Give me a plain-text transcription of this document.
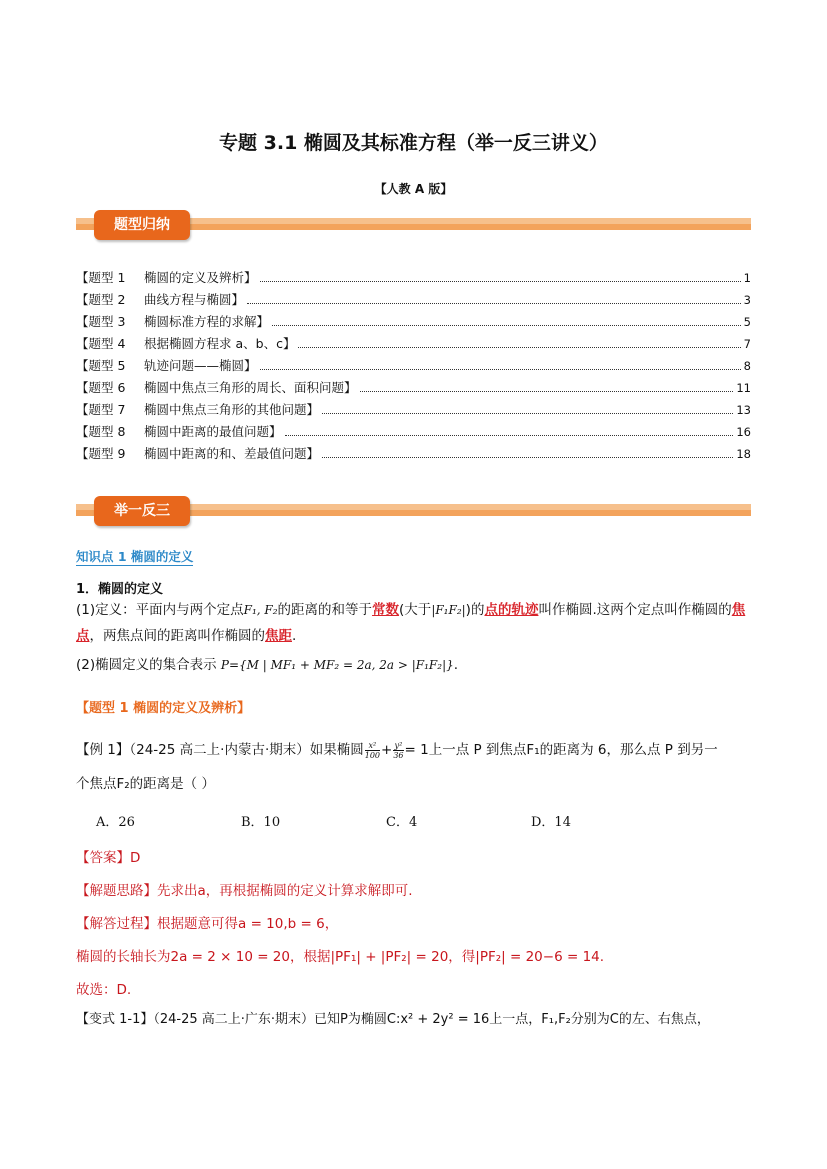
专题 3.1 椭圆及其标准方程（举一反三讲义）
【人教 A 版】
题型归纳
【题型 1 椭圆的定义及辨析】	1
【题型 2 曲线方程与椭圆】	3
【题型 3 椭圆标准方程的求解】	5
【题型 4 根据椭圆方程求 a、b、c】	7
【题型 5 轨迹问题——椭圆】	8
【题型 6 椭圆中焦点三角形的周长、面积问题】	11
【题型 7 椭圆中焦点三角形的其他问题】	13
【题型 8 椭圆中距离的最值问题】	16
【题型 9 椭圆中距离的和、差最值问题】	18
举一反三
知识点 1 椭圆的定义
1．椭圆的定义
(1)定义：平面内与两个定点F₁, F₂的距离的和等于常数(大于|F₁F₂|)的点的轨迹叫作椭圆.这两个定点叫作椭圆的焦点，两焦点间的距离叫作椭圆的焦距.
(2)椭圆定义的集合表示 P={M | MF₁ + MF₂ = 2a, 2a > |F₁F₂|}.
【题型 1 椭圆的定义及辨析】
【例 1】（24-25 高二上·内蒙古·期末）如果椭圆 $\frac{\text{x²}}{100} + \frac{\text{y²}}{36} = 1$上一点 P 到焦点F₁的距离为 6，那么点 P 到另一
个焦点F₂的距离是（ ）
A．26	B．10	C．4	D．14
【答案】D
【解题思路】先求出a，再根据椭圆的定义计算求解即可.
【解答过程】根据题意可得a = 10,b = 6，
椭圆的长轴长为2a = 2 × 10 = 20，根据|PF₁| + |PF₂| = 20，得|PF₂| = 20−6 = 14.
故选：D.
【变式 1-1】（24-25 高二上·广东·期末）已知P为椭圆C:x² + 2y² = 16上一点，F₁,F₂分别为C的左、右焦点，
